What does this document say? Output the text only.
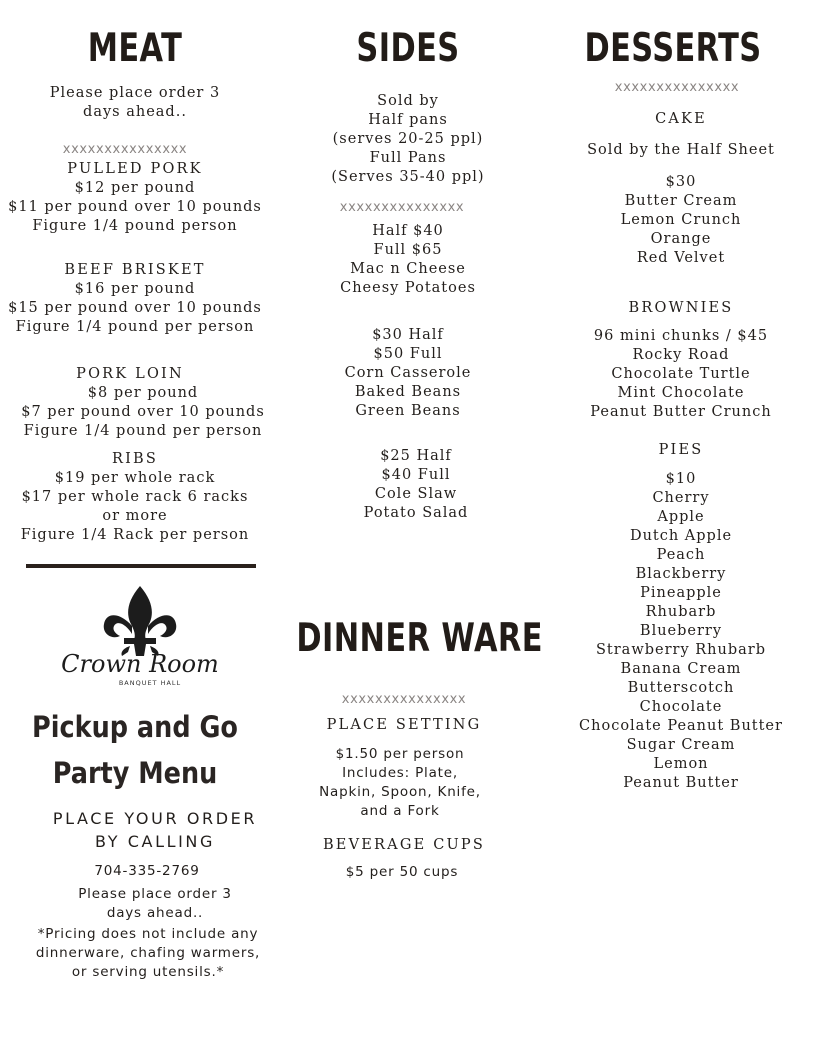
MEAT
Please place order 3
days ahead..
xxxxxxxxxxxxxxx
PULLED PORK
$12 per pound
$11 per pound over 10 pounds
Figure 1/4 pound person
BEEF BRISKET
$16 per pound
$15 per pound over 10 pounds
Figure 1/4 pound per person
PORK LOIN
$8 per pound
$7 per pound over 10 pounds
Figure 1/4 pound per person
RIBS
$19 per whole rack
$17 per whole rack 6 racks
or more
Figure 1/4 Rack per person
Crown Room
BANQUET HALL
Pickup and Go
Party Menu
PLACE YOUR ORDER
BY CALLING
704-335-2769
Please place order 3
days ahead..
*Pricing does not include any
dinnerware, chafing warmers,
or serving utensils.*
SIDES
Sold by
Half pans
(serves 20-25 ppl)
Full Pans
(Serves 35-40 ppl)
xxxxxxxxxxxxxxx
Half $40
Full $65
Mac n Cheese
Cheesy Potatoes
$30 Half
$50 Full
Corn Casserole
Baked Beans
Green Beans
$25 Half
$40 Full
Cole Slaw
Potato Salad
DINNER WARE
xxxxxxxxxxxxxxx
PLACE SETTING
$1.50 per person
Includes: Plate,
Napkin, Spoon, Knife,
and a Fork
BEVERAGE CUPS
$5 per 50 cups
DESSERTS
xxxxxxxxxxxxxxx
CAKE
Sold by the Half Sheet
$30
Butter Cream
Lemon Crunch
Orange
Red Velvet
BROWNIES
96 mini chunks / $45
Rocky Road
Chocolate Turtle
Mint Chocolate
Peanut Butter Crunch
PIES
$10
Cherry
Apple
Dutch Apple
Peach
Blackberry
Pineapple
Rhubarb
Blueberry
Strawberry Rhubarb
Banana Cream
Butterscotch
Chocolate
Chocolate Peanut Butter
Sugar Cream
Lemon
Peanut Butter
